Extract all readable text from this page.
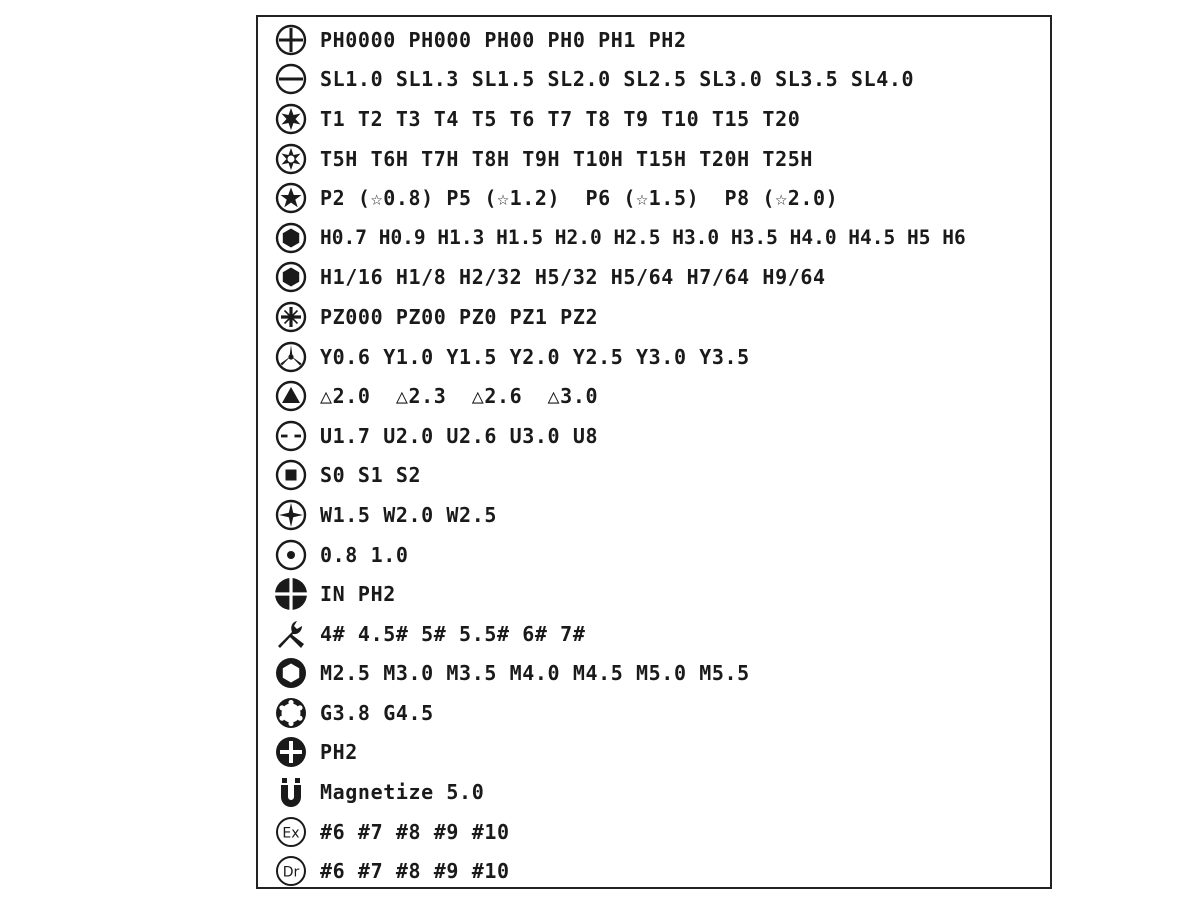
PH0000 PH000 PH00 PH0 PH1 PH2
SL1.0 SL1.3 SL1.5 SL2.0 SL2.5 SL3.0 SL3.5 SL4.0
T1 T2 T3 T4 T5 T6 T7 T8 T9 T10 T15 T20
T5H T6H T7H T8H T9H T10H T15H T20H T25H
P2 (☆0.8) P5 (☆1.2)  P6 (☆1.5)  P8 (☆2.0)
H0.7 H0.9 H1.3 H1.5 H2.0 H2.5 H3.0 H3.5 H4.0 H4.5 H5 H6
H1/16 H1/8 H2/32 H5/32 H5/64 H7/64 H9/64
PZ000 PZ00 PZ0 PZ1 PZ2
Y0.6 Y1.0 Y1.5 Y2.0 Y2.5 Y3.0 Y3.5
△2.0  △2.3  △2.6  △3.0
U1.7 U2.0 U2.6 U3.0 U8
S0 S1 S2
W1.5 W2.0 W2.5
0.8 1.0
IN PH2
4# 4.5# 5# 5.5# 6# 7#
M2.5 M3.0 M3.5 M4.0 M4.5 M5.0 M5.5
G3.8 G4.5
PH2
Magnetize 5.0
Ex #6 #7 #8 #9 #10
Dr #6 #7 #8 #9 #10
